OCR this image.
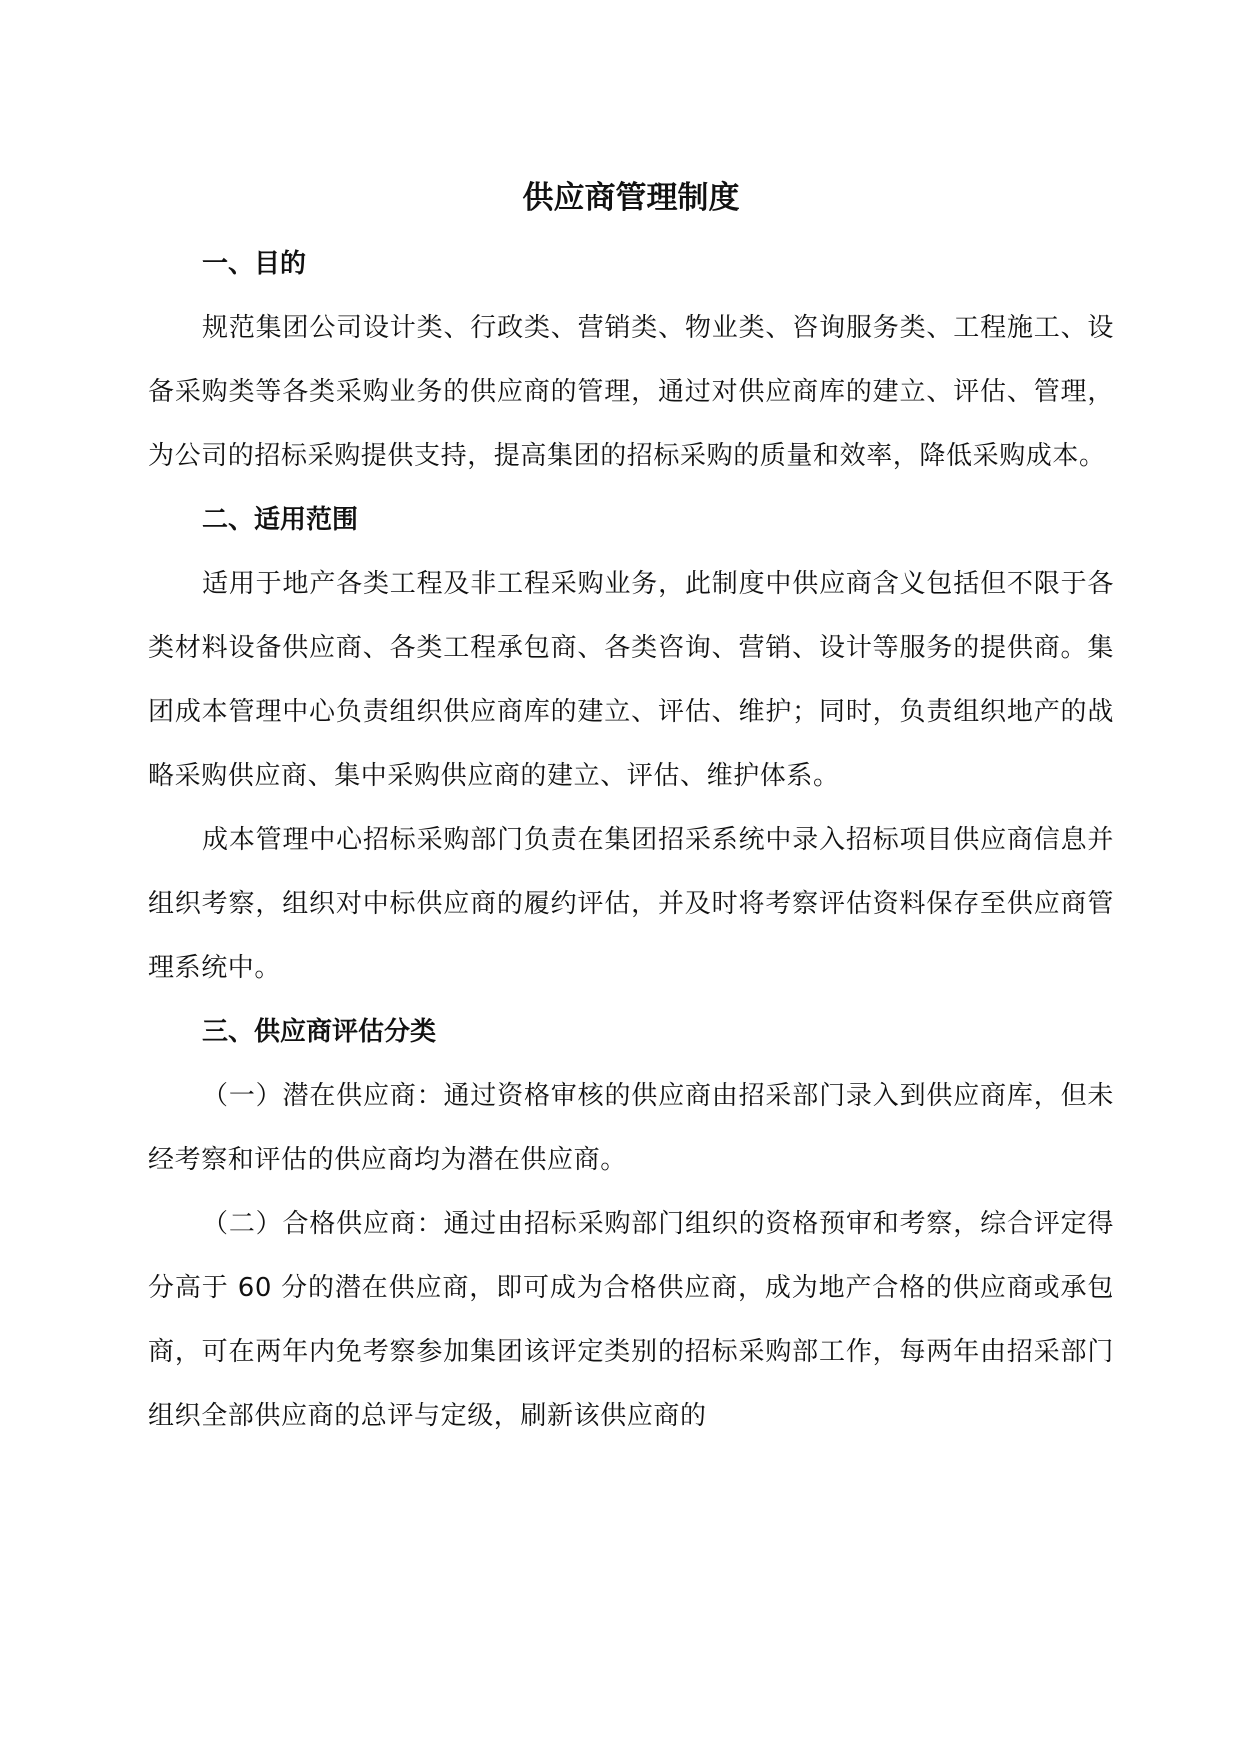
供应商管理制度
一、目的

规范集团公司设计类、行政类、营销类、物业类、咨询服务类、工程施工、设备采购类等各类采购业务的供应商的管理，通过对供应商库的建立、评估、管理，为公司的招标采购提供支持，提高集团的招标采购的质量和效率，降低采购成本。

二、适用范围

适用于地产各类工程及非工程采购业务，此制度中供应商含义包括但不限于各类材料设备供应商、各类工程承包商、各类咨询、营销、设计等服务的提供商。集团成本管理中心负责组织供应商库的建立、评估、维护；同时，负责组织地产的战略采购供应商、集中采购供应商的建立、评估、维护体系。

成本管理中心招标采购部门负责在集团招采系统中录入招标项目供应商信息并组织考察，组织对中标供应商的履约评估，并及时将考察评估资料保存至供应商管理系统中。

三、供应商评估分类

（一）潜在供应商：通过资格审核的供应商由招采部门录入到供应商库，但未经考察和评估的供应商均为潜在供应商。

（二）合格供应商：通过由招标采购部门组织的资格预审和考察，综合评定得分高于 60 分的潜在供应商，即可成为合格供应商，成为地产合格的供应商或承包商，可在两年内免考察参加集团该评定类别的招标采购部工作，每两年由招采部门组织全部供应商的总评与定级，刷新该供应商的
